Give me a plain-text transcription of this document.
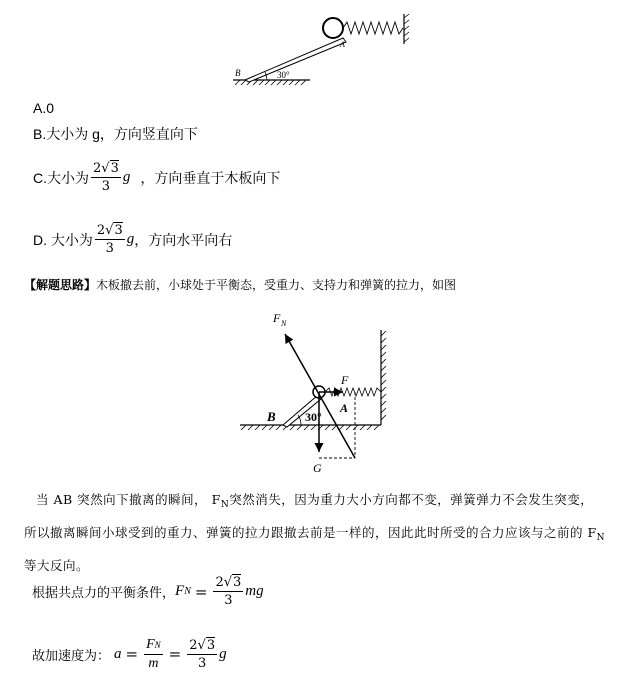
B
A
30°
A.0
B.大小为 g，方向竖直向下
C.大小为 $\frac{2√3}{3}$ g ，方向垂直于木板向下
D. 大小为 $\frac{2√3}{3}$ g ，方向水平向右
【解题思路】木板撤去前，小球处于平衡态，受重力、支持力和弹簧的拉力，如图
F N
F
A
B 30°
G
当 AB 突然向下撤离的瞬间， $F_N$突然消失，因为重力大小方向都不变，弹簧弹力不会发生突变，
所以撤离瞬间小球受到的重力、弹簧的拉力跟撤去前是一样的，因此此时所受的合力应该与之前的 $F_N$
等大反向。
根据共点力的平衡条件， F $N = \frac{2√3}{3}$ mg
故加速度为： $a = \frac{FN}{m} = \frac{2√3}{3}$ g
